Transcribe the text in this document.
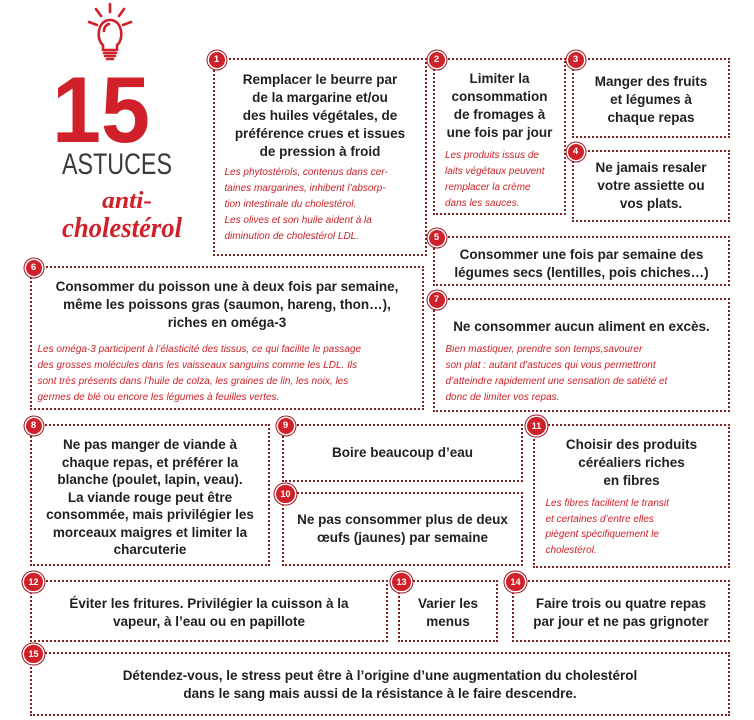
15
ASTUCES
anti-
cholestérol
1
Remplacer le beurre par
de la margarine et/ou
des huiles végétales, de
préférence crues et issues
de pression à froid
Les phytostérols, contenus dans cer-
taines margarines, inhibent l’absorp-
tion intestinale du cholestérol.
Les olives et son huile aident à la
diminution de cholestérol LDL.
2
Limiter la
consommation
de fromages à
une fois par jour
Les produits issus de
laits végétaux peuvent
remplacer la crème
dans les sauces.
3
Manger des fruits
et légumes à
chaque repas
4
Ne jamais resaler
votre assiette ou
vos plats.
5
Consommer une fois par semaine des
légumes secs (lentilles, pois chiches…)
6
Consommer du poisson une à deux fois par semaine,
même les poissons gras (saumon, hareng, thon…),
riches en oméga-3
Les oméga-3 participent à l’élasticité des tissus, ce qui facilite le passage
des grosses molécules dans les vaisseaux sanguins comme les LDL. Ils
sont très présents dans l’huile de colza, les graines de lin, les noix, les
germes de blé ou encore les légumes à feuilles vertes.
7
Ne consommer aucun aliment en excès.
Bien mastiquer, prendre son temps,savourer
son plat : autant d’astuces qui vous permettront
d’atteindre rapidement une sensation de satiété et
donc de limiter vos repas.
8
Ne pas manger de viande à
chaque repas, et préférer la
blanche (poulet, lapin, veau).
La viande rouge peut être
consommée, mais privilégier les
morceaux maigres et limiter la
charcuterie
9
Boire beaucoup d’eau
10
Ne pas consommer plus de deux
œufs (jaunes) par semaine
11
Choisir des produits
céréaliers riches
en fibres
Les fibres facilitent le transit
et certaines d’entre elles
piègent spécifiquement le
cholestérol.
12
Éviter les fritures. Privilégier la cuisson à la
vapeur, à l’eau ou en papillote
13
Varier les
menus
14
Faire trois ou quatre repas
par jour et ne pas grignoter
15
Détendez-vous, le stress peut être à l’origine d’une augmentation du cholestérol
dans le sang mais aussi de la résistance à le faire descendre.
